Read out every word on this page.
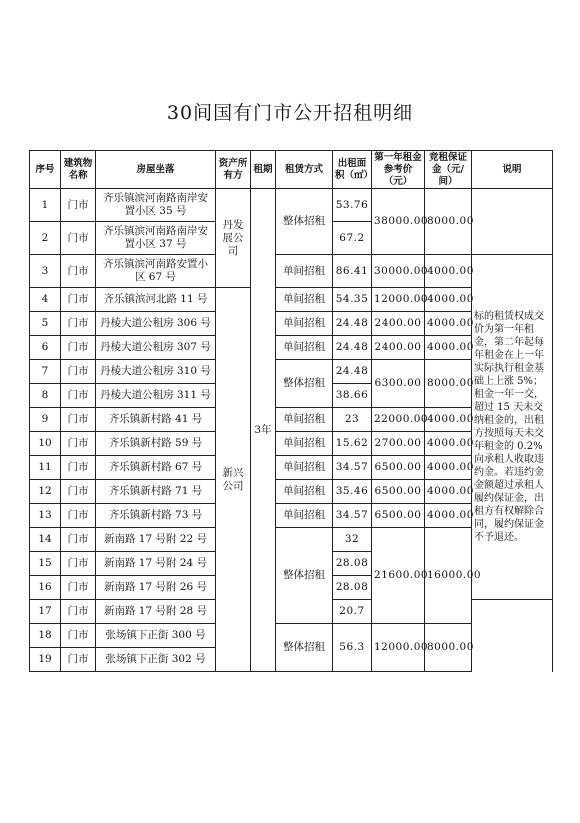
30间国有门市公开招租明细
序号	建筑物名称	房屋坐落	资产所有方	租期	租赁方式	出租面积（㎡）	第一年租金参考价（元）	竞租保证金（元/间）	说明	
1	门市	齐乐镇滨河南路南岸安置小区 35 号	丹发展公司	3年	整体招租	53.76	38000.00	8000.00		
2	门市	齐乐镇滨河南路南岸安置小区 37 号				67.2				
3	门市	齐乐镇滨河南路安置小区 67 号			单间招租	86.41	30000.00	4000.00	标的租赁权成交价为第一年租金，第二年起每年租金在上一年实际执行租金基础上上涨 5%；租金一年一交，超过 15 天未交纳租金的，出租方按照每天未交年租金的 0.2%向承租人收取违约金。若违约金金额超过承租人履约保证金，出租方有权解除合同，履约保证金不予退还。	
4	门市	齐乐镇滨河北路 11 号	新兴公司		单间招租	54.35	12000.00	4000.00		
5	门市	丹棱大道公租房 306 号			单间招租	24.48	2400.00	4000.00		
6	门市	丹棱大道公租房 307 号			单间招租	24.48	2400.00	4000.00		
7	门市	丹棱大道公租房 310 号			整体招租	24.48	6300.00	8000.00		
8	门市	丹棱大道公租房 311 号				38.66				
9	门市	齐乐镇新村路 41 号			单间招租	23	22000.00	4000.00		
10	门市	齐乐镇新村路 59 号			单间招租	15.62	2700.00	4000.00		
11	门市	齐乐镇新村路 67 号			单间招租	34.57	6500.00	4000.00		
12	门市	齐乐镇新村路 71 号			单间招租	35.46	6500.00	4000.00		
13	门市	齐乐镇新村路 73 号			单间招租	34.57	6500.00	4000.00		
14	门市	新南路 17 号附 22 号			整体招租	32	21600.00	16000.00		
15	门市	新南路 17 号附 24 号				28.08				
16	门市	新南路 17 号附 26 号				28.08				
17	门市	新南路 17 号附 28 号				20.7				
18	门市	张场镇下正街 300 号			整体招租	56.3	12000.00	8000.00		
19	门市	张场镇下正街 302 号								
